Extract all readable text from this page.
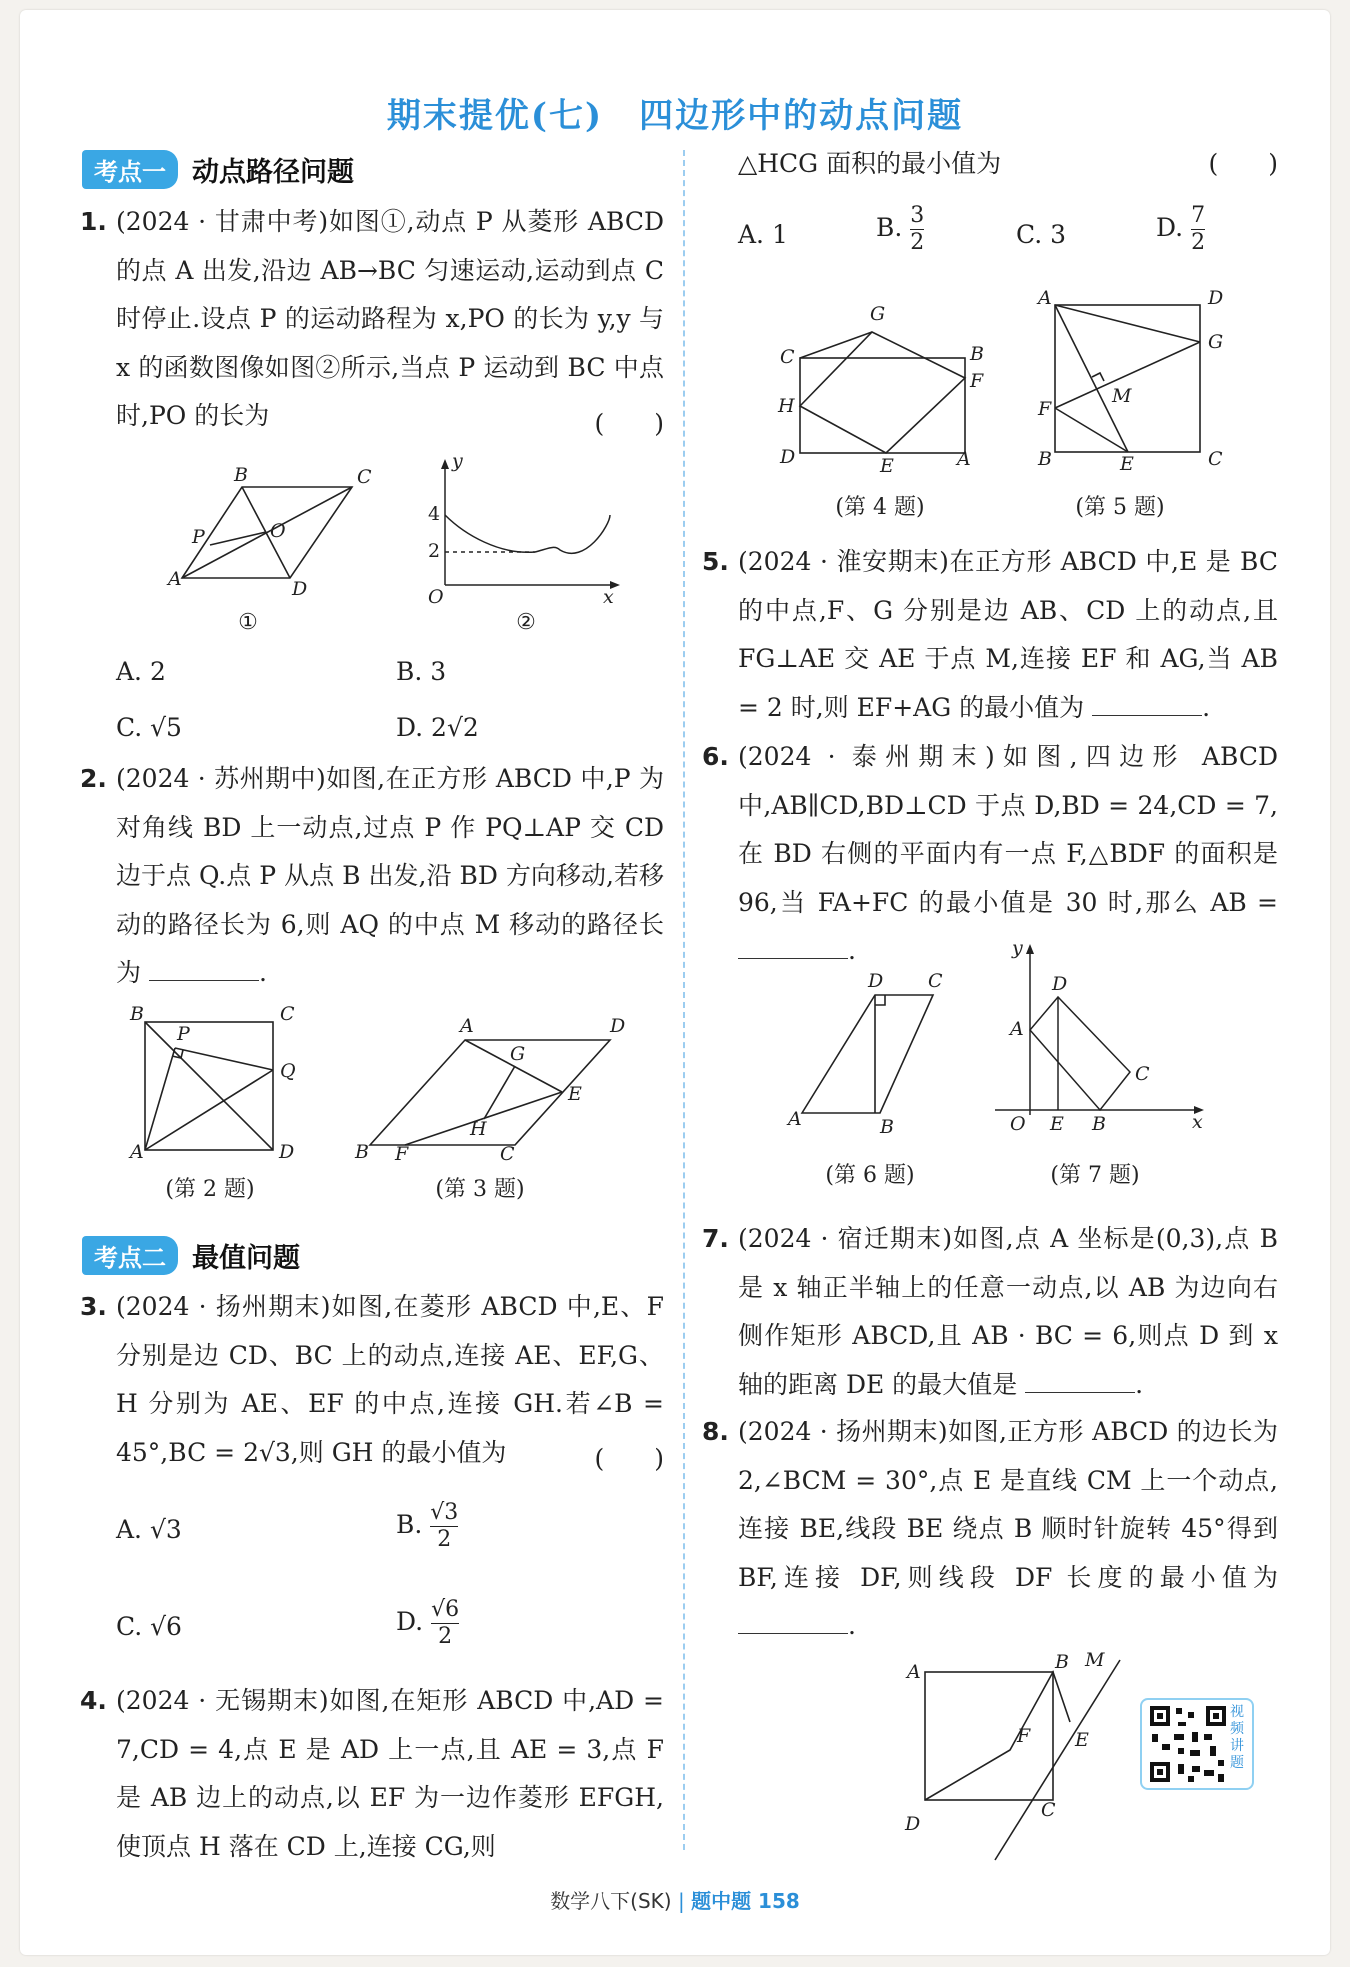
期末提优(七)　四边形中的动点问题
考点一 动点路径问题
1. (2024 · 甘肃中考)如图①,动点 P 从菱形 ABCD 的点 A 出发,沿边 AB→BC 匀速运动,运动到点 C 时停止.设点 P 的运动路程为 x,PO 的长为 y,y 与 x 的函数图像如图②所示,当点 P 运动到 BC 中点时,PO 的长为	(　　)
A
B	C
D
P	O
①
y
x
O
4
2
②
A. 2	B. 3
C. √5	D. 2√2
2. (2024 · 苏州期中)如图,在正方形 ABCD 中,P 为对角线 BD 上一动点,过点 P 作 PQ⊥AP 交 CD 边于点 Q.点 P 从点 B 出发,沿 BD 方向移动,若移动的路径长为 6,则 AQ 的中点 M 移动的路径长为	.
B	C
A	D
P
Q
(第 2 题)
B
A	D
C
F
E
G
H
(第 3 题)
考点二 最值问题
3. (2024 · 扬州期末)如图,在菱形 ABCD 中,E、F 分别是边 CD、BC 上的动点,连接 AE、EF,G、H 分别为 AE、EF 的中点,连接 GH.若∠B = 45°,BC = 2√3,则 GH 的最小值为	(　　)
A. √3	B. $\frac{√3}{2}$
C. √6	D. $\frac{√6}{2}$
4. (2024 · 无锡期末)如图,在矩形 ABCD 中,AD = 7,CD = 4,点 E 是 AD 上一点,且 AE = 3,点 F 是 AB 边上的动点,以 EF 为一边作菱形 EFGH,使顶点 H 落在 CD 上,连接 CG,则
△HCG 面积的最小值为	(　　)
A. 1	B. $\frac{3}{2}$	C. 3	D. $\frac{7}{2}$
G
C	B
F
H
D	E	A
(第 4 题)
A	D
G
F
M
B	E	C
(第 5 题)
5. (2024 · 淮安期末)在正方形 ABCD 中,E 是 BC 的中点,F、G 分别是边 AB、CD 上的动点,且 FG⊥AE 交 AE 于点 M,连接 EF 和 AG,当 AB = 2 时,则 EF+AG 的最小值为	.
6. (2024 · 泰州期末)如图,四边形 ABCD 中,AB∥CD,BD⊥CD 于点 D,BD = 24,CD = 7,在 BD 右侧的平面内有一点 F,△BDF 的面积是 96,当 FA+FC 的最小值是 30 时,那么 AB = .
D C
A	B
(第 6 题)
y
x
O
A
D
C
E B
(第 7 题)
7. (2024 · 宿迁期末)如图,点 A 坐标是(0,3),点 B 是 x 轴正半轴上的任意一动点,以 AB 为边向右侧作矩形 ABCD,且 AB · BC = 6,则点 D 到 x 轴的距离 DE 的最大值是	.
8. (2024 · 扬州期末)如图,正方形 ABCD 的边长为 2,∠BCM = 30°,点 E 是直线 CM 上一个动点,连接 BE,线段 BE 绕点 B 顺时针旋转 45°得到 BF,连接 DF,则线段 DF 长度的最小值为 .
A	B M
F E
D
C
视频讲题
数学八下(SK) | 题中题 158
